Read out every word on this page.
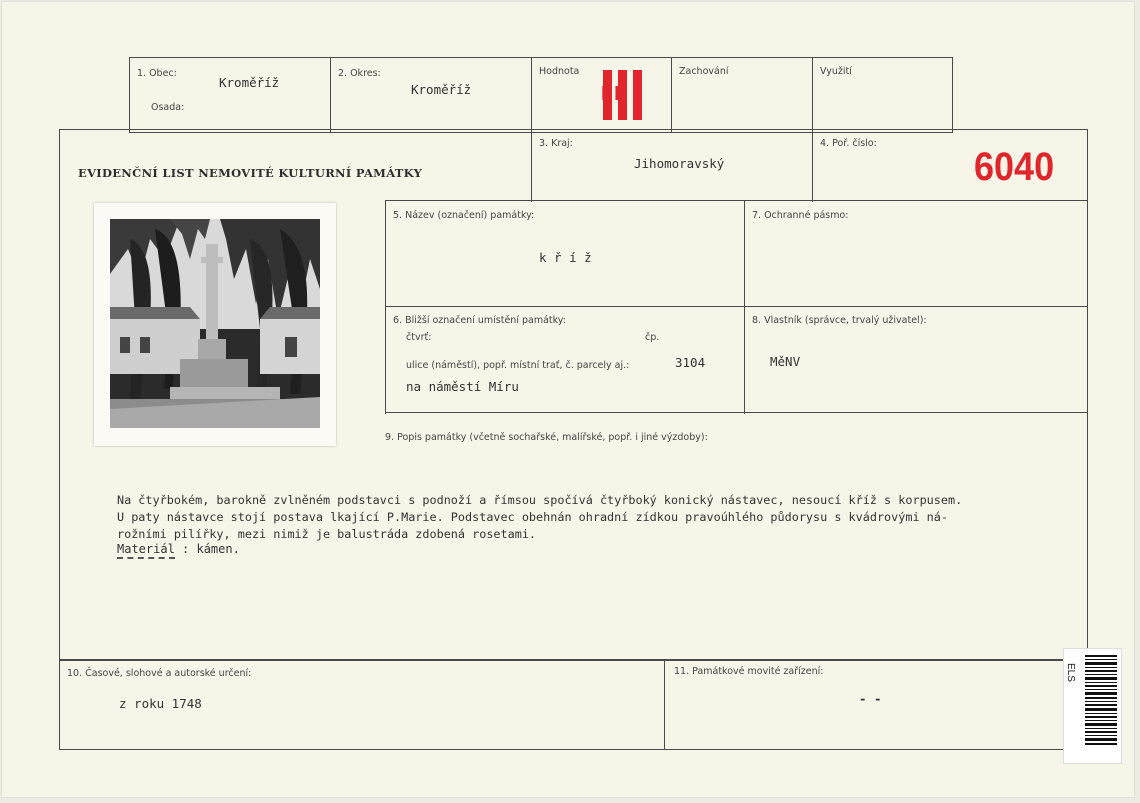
1. Obec:
Kroměříž
Osada:
2. Okres:
Kroměříž
Hodnota
III
Zachování	Využití
EVIDENČNÍ LIST NEMOVITÉ KULTURNÍ PAMÁTKY
3. Kraj:
Jihomoravský
4. Poř. číslo:
6040
5. Název (označení) památky:
k ř í ž
7. Ochranné pásmo:
6. Bližší označení umístění památky:
čtvrť:	čp.
ulice (náměstí), popř. místní trať, č. parcely aj.:	3104
na náměstí Míru
8. Vlastník (správce, trvalý uživatel):
MěNV
9. Popis památky (včetně sochařské, malířské, popř. i jiné výzdoby):

Na čtyřbokém, barokně zvlněném podstavci s podnoží a římsou spočívá čtyřboký konický nástavec, nesoucí kříž s korpusem.
U paty nástavce stojí postava lkající P.Marie. Podstavec obehnán ohradní zídkou pravoúhlého půdorysu s kvádrovými ná-
rožními pilířky, mezi nimiž je balustráda zdobená rosetami.
Materiál : kámen.
10. Časové, slohové a autorské určení:
z roku 1748
11. Památkové movité zařízení:
- -
ELS
